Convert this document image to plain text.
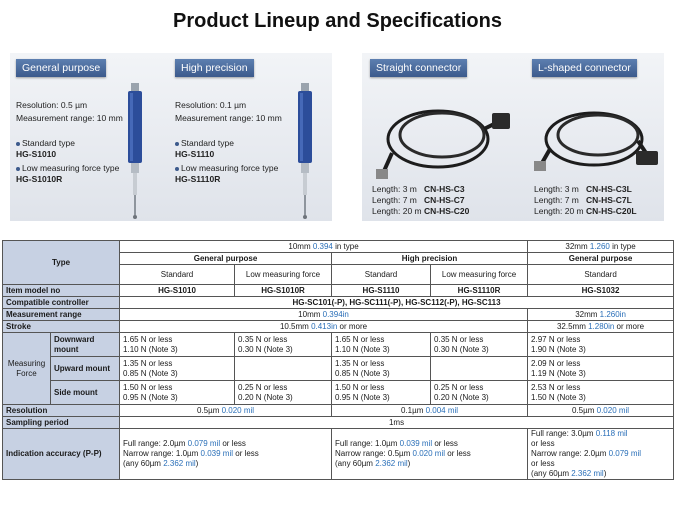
Product Lineup and Specifications
General purpose	High precision
Resolution: 0.5 µm
Measurement range: 10 mm
Standard type
HG-S1010
Low measuring force type
HG-S1010R
Resolution: 0.1 µm
Measurement range: 10 mm
Standard type
HG-S1110
Low measuring force type
HG-S1110R
Straight connector	L-shaped connector
Length: 3 m CN-HS-C3
Length: 7 m CN-HS-C7
Length: 20 m CN-HS-C20
Length: 3 m CN-HS-C3L
Length: 7 m CN-HS-C7L
Length: 20 m CN-HS-C20L
Type		10mm 0.394 in type				32mm 1.260 in type
		General purpose		High precision		General purpose
		Standard	Low measuring force	Standard	Low measuring force	Standard
Item model no		HG-S1010	HG-S1010R	HG-S1110	HG-S1110R	HG-S1032
Compatible controller		HG-SC101(-P), HG-SC111(-P), HG-SC112(-P), HG-SC113				
Measurement range		10mm 0.394in				32mm 1.260in
Stroke		10.5mm 0.413in or more				32.5mm 1.280in or more
Measuring
Force	Downward mount	1.65 N or less
1.10 N (Note 3)	0.35 N or less
0.30 N (Note 3)	1.65 N or less
1.10 N (Note 3)	0.35 N or less
0.30 N (Note 3)	2.97 N or less
1.90 N (Note 3)
	Upward mount	1.35 N or less
0.85 N (Note 3)		1.35 N or less
0.85 N (Note 3)		2.09 N or less
1.19 N (Note 3)
	Side mount	1.50 N or less
0.95 N (Note 3)	0.25 N or less
0.20 N (Note 3)	1.50 N or less
0.95 N (Note 3)	0.25 N or less
0.20 N (Note 3)	2.53 N or less
1.50 N (Note 3)
Resolution		0.5µm 0.020 mil		0.1µm 0.004 mil		0.5µm 0.020 mil
Sampling period		1ms				
Indication accuracy (P-P)		Full range: 2.0µm 0.079 mil or less
Narrow range: 1.0µm 0.039 mil or less
(any 60µm 2.362 mil)		Full range: 1.0µm 0.039 mil or less
Narrow range: 0.5µm 0.020 mil or less
(any 60µm 2.362 mil)		Full range: 3.0µm 0.118 mil
or less
Narrow range: 2.0µm 0.079 mil
or less
(any 60µm 2.362 mil)
